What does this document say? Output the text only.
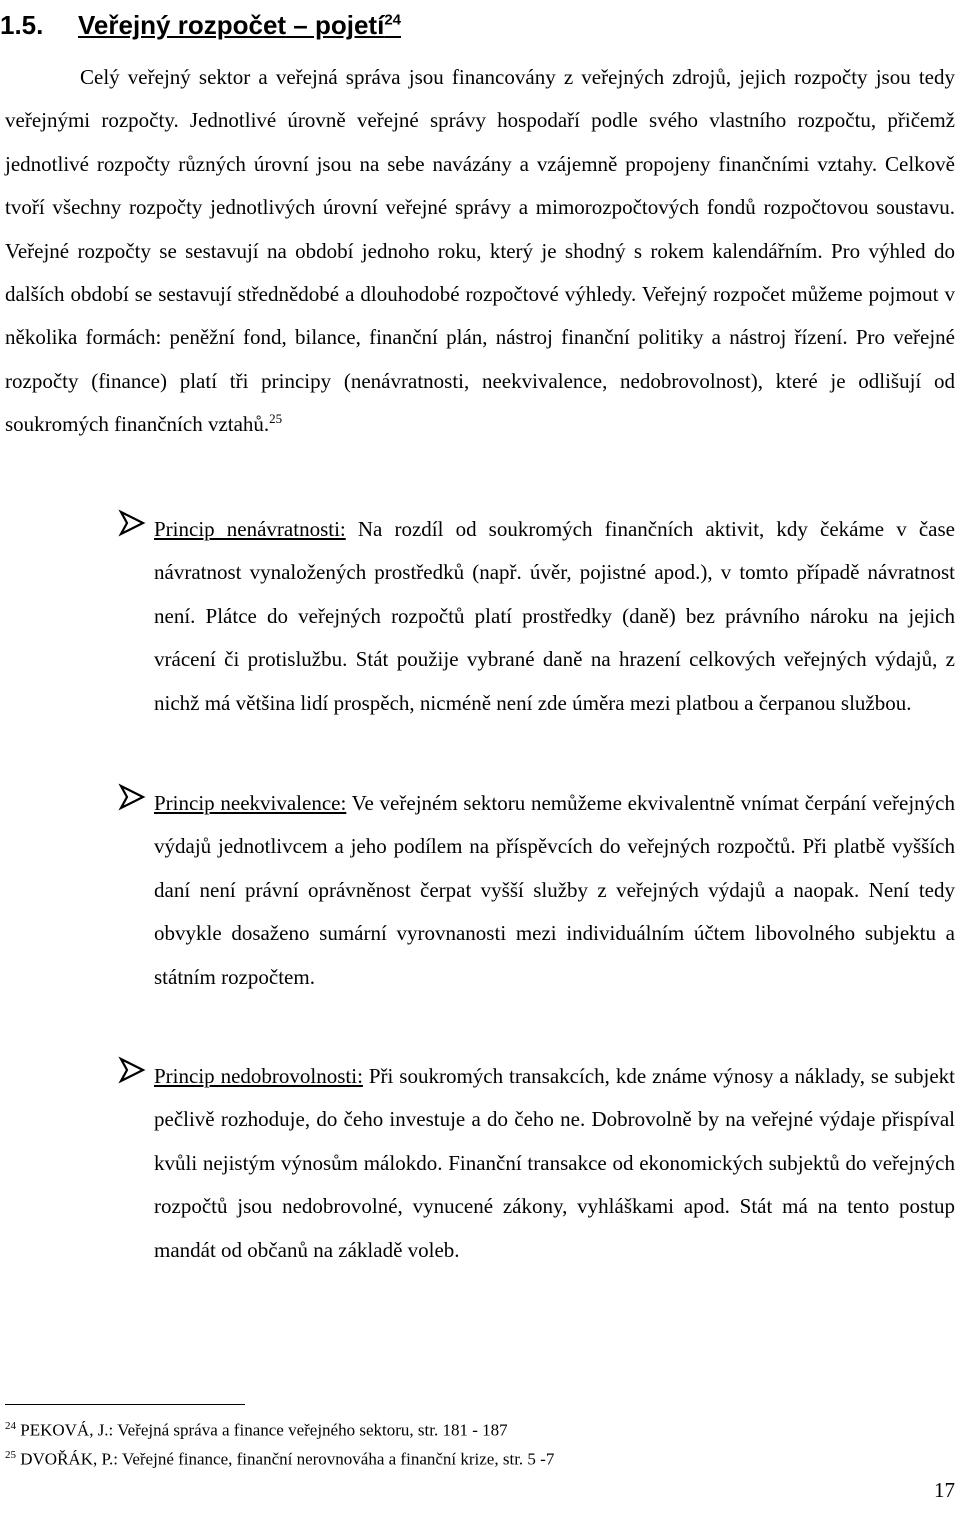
1.5. Veřejný rozpočet – pojetí$^{24}$

Celý veřejný sektor a veřejná správa jsou financovány z veřejných zdrojů, jejich rozpočty jsou tedy veřejnými rozpočty. Jednotlivé úrovně veřejné správy hospodaří podle svého vlastního rozpočtu, přičemž jednotlivé rozpočty různých úrovní jsou na sebe navázány a vzájemně propojeny finančními vztahy. Celkově tvoří všechny rozpočty jednotlivých úrovní veřejné správy a mimorozpočtových fondů rozpočtovou soustavu. Veřejné rozpočty se sestavují na období jednoho roku, který je shodný s rokem kalendářním. Pro výhled do dalších období se sestavují střednědobé a dlouhodobé rozpočtové výhledy. Veřejný rozpočet můžeme pojmout v několika formách: peněžní fond, bilance, finanční plán, nástroj finanční politiky a nástroj řízení. Pro veřejné rozpočty (finance) platí tři principy (nenávratnosti, neekvivalence, nedobrovolnost), které je odlišují od soukromých finančních vztahů.$^{25}$

Princip nenávratnosti: Na rozdíl od soukromých finančních aktivit, kdy čekáme v čase návratnost vynaložených prostředků (např. úvěr, pojistné apod.), v tomto případě návratnost není. Plátce do veřejných rozpočtů platí prostředky (daně) bez právního nároku na jejich vrácení či protislužbu. Stát použije vybrané daně na hrazení celkových veřejných výdajů, z nichž má většina lidí prospěch, nicméně není zde úměra mezi platbou a čerpanou službou.
Princip neekvivalence: Ve veřejném sektoru nemůžeme ekvivalentně vnímat čerpání veřejných výdajů jednotlivcem a jeho podílem na příspěvcích do veřejných rozpočtů. Při platbě vyšších daní není právní oprávněnost čerpat vyšší služby z veřejných výdajů a naopak. Není tedy obvykle dosaženo sumární vyrovnanosti mezi individuálním účtem libovolného subjektu a státním rozpočtem.
Princip nedobrovolnosti: Při soukromých transakcích, kde známe výnosy a náklady, se subjekt pečlivě rozhoduje, do čeho investuje a do čeho ne. Dobrovolně by na veřejné výdaje přispíval kvůli nejistým výnosům málokdo. Finanční transakce od ekonomických subjektů do veřejných rozpočtů jsou nedobrovolné, vynucené zákony, vyhláškami apod. Stát má na tento postup mandát od občanů na základě voleb.
$^{24}$ PEKOVÁ, J.: Veřejná správa a finance veřejného sektoru, str. 181 - 187
$^{25}$ DVOŘÁK, P.: Veřejné finance, finanční nerovnováha a finanční krize, str. 5 -7
17
